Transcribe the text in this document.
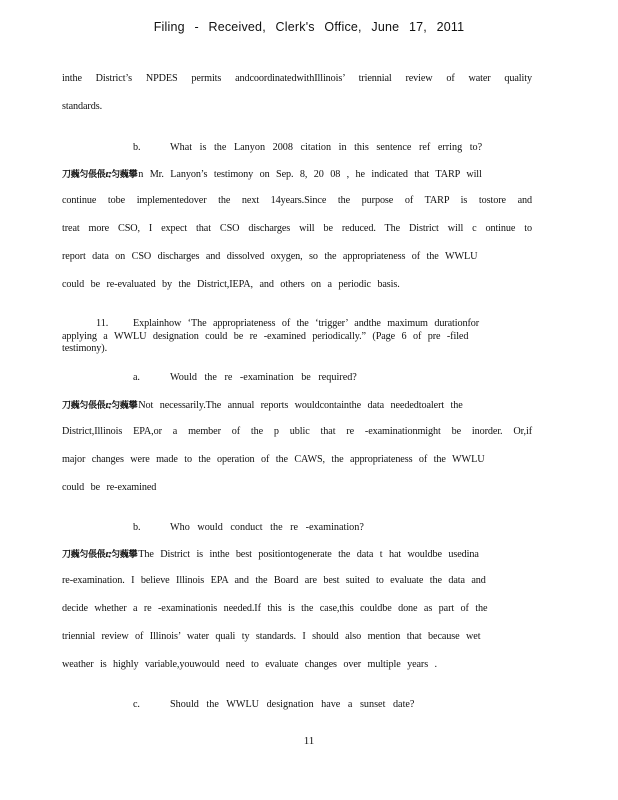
Filing - Received, Clerk's Office, June 17, 2011
inthe District’s NPDES permits andcoordinatedwithIllinois’ triennial review of water quality
standards.
b.	What is the Lanyon 2008 citation in this sentence ref erring to?
刀蘶匀倀倀ⴀ匀蘶攀n Mr. Lanyon’s testimony on Sep. 8, 20 08 , he indicated that TARP will
continue tobe implementedover the next 14years.Since the purpose of TARP is tostore and
treat more CSO, I expect that CSO discharges will be reduced. The District will c ontinue to
report data on CSO discharges and dissolved oxygen, so the appropriateness of the WWLU
could be re-evaluated by the District,IEPA, and others on a periodic basis.
11. Explainhow ‘The appropriateness of the ‘trigger’ andthe maximum durationfor
applying a WWLU designation could be re -examined periodically.” (Page 6 of pre -filed
testimony).
a.	Would the re -examination be required?
刀蘶匀倀倀ⴀ匀蘶攀Not necessarily.The annual reports wouldcontainthe data neededtoalert the
District,Illinois EPA,or a member of the p ublic that re -examinationmight be inorder. Or,if
major changes were made to the operation of the CAWS, the appropriateness of the WWLU
could be re-examined
b.	Who would conduct the re -examination?
刀蘶匀倀倀ⴀ匀蘶攀The District is inthe best positiontogenerate the data t hat wouldbe usedina
re-examination. I believe Illinois EPA and the Board are best suited to evaluate the data and
decide whether a re -examinationis needed.If this is the case,this couldbe done as part of the
triennial review of Illinois’ water quali ty standards. I should also mention that because wet
weather is highly variable,youwould need to evaluate changes over multiple years .
c.	Should the WWLU designation have a sunset date?
11
